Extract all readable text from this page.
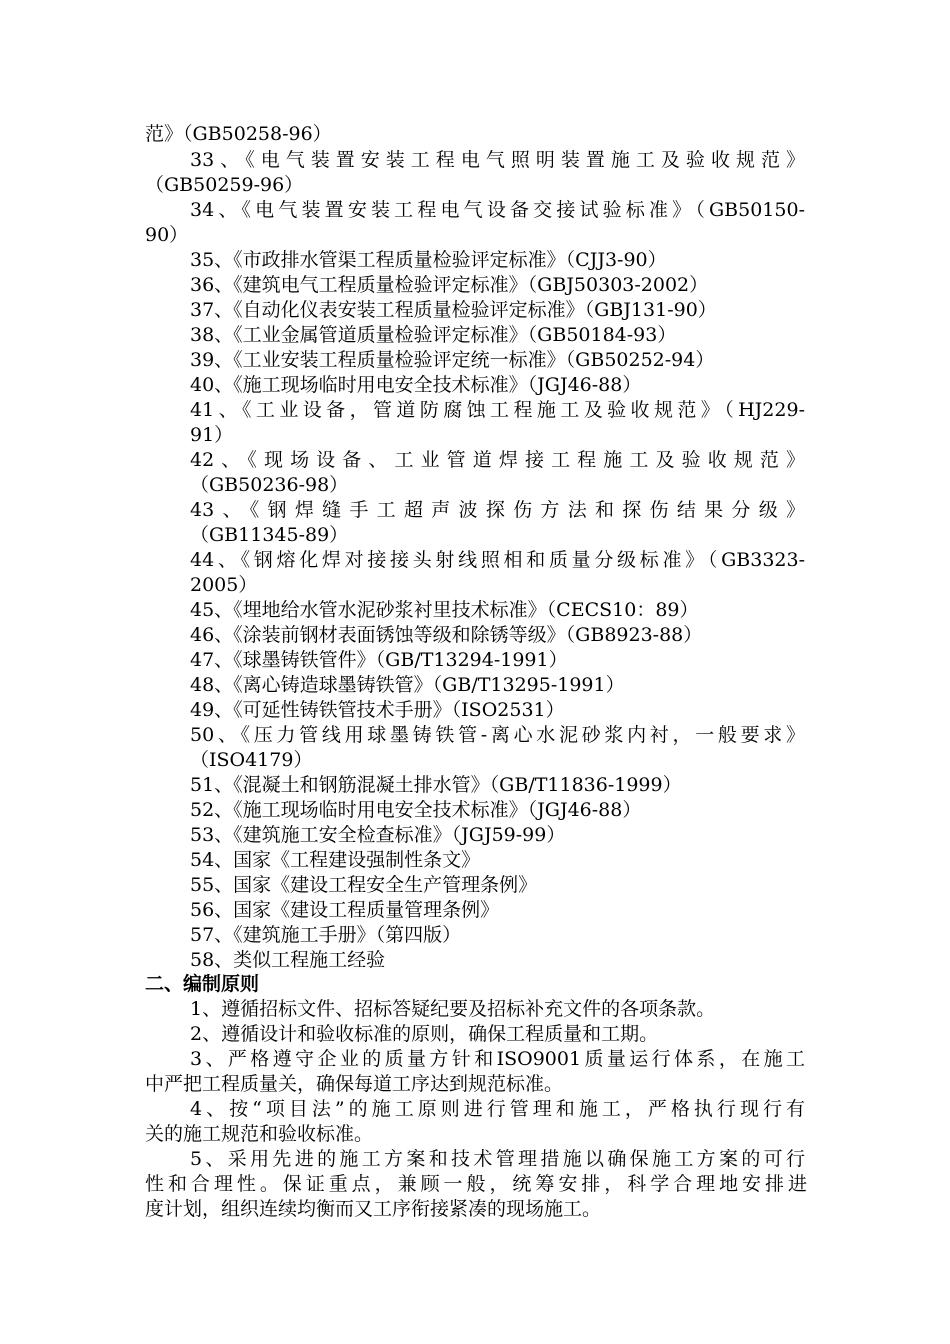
范》（GB50258-96）
33、《电气装置安装工程电气照明装置施工及验收规范》
（GB50259-96）
34、《电气装置安装工程电气设备交接试验标准》（GB50150-
90）
35、《市政排水管渠工程质量检验评定标准》（CJJ3-90）
36、《建筑电气工程质量检验评定标准》（GBJ50303-2002）
37、《自动化仪表安装工程质量检验评定标准》（GBJ131-90）
38、《工业金属管道质量检验评定标准》（GB50184-93）
39、《工业安装工程质量检验评定统一标准》（GB50252-94）
40、《施工现场临时用电安全技术标准》（JGJ46-88）
41、《工业设备，管道防腐蚀工程施工及验收规范》（HJ229-
91）
42、《现场设备、工业管道焊接工程施工及验收规范》
（GB50236-98）
43、《钢焊缝手工超声波探伤方法和探伤结果分级》
（GB11345-89）
44、《钢熔化焊对接接头射线照相和质量分级标准》（GB3323-
2005）
45、《埋地给水管水泥砂浆衬里技术标准》（CECS10：89）
46、《涂装前钢材表面锈蚀等级和除锈等级》（GB8923-88）
47、《球墨铸铁管件》（GB/T13294-1991）
48、《离心铸造球墨铸铁管》（GB/T13295-1991）
49、《可延性铸铁管技术手册》（ISO2531）
50、《压力管线用球墨铸铁管-离心水泥砂浆内衬，一般要求》
（ISO4179）
51、《混凝土和钢筋混凝土排水管》（GB/T11836-1999）
52、《施工现场临时用电安全技术标准》（JGJ46-88）
53、《建筑施工安全检查标准》（JGJ59-99）
54、国家《工程建设强制性条文》
55、国家《建设工程安全生产管理条例》
56、国家《建设工程质量管理条例》
57、《建筑施工手册》（第四版）
58、类似工程施工经验
二、编制原则
1、遵循招标文件、招标答疑纪要及招标补充文件的各项条款。
2、遵循设计和验收标准的原则，确保工程质量和工期。
3、严格遵守企业的质量方针和ISO9001质量运行体系，在施工
中严把工程质量关，确保每道工序达到规范标准。
4、按“项目法”的施工原则进行管理和施工，严格执行现行有
关的施工规范和验收标准。
5、采用先进的施工方案和技术管理措施以确保施工方案的可行
性和合理性。保证重点，兼顾一般，统筹安排，科学合理地安排进
度计划，组织连续均衡而又工序衔接紧凑的现场施工。
